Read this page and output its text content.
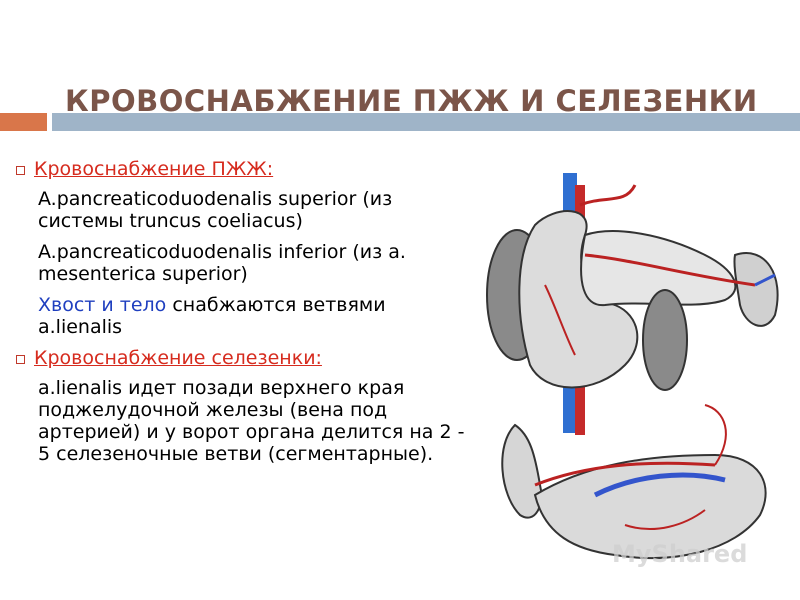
КРОВОСНАБЖЕНИЕ ПЖЖ И СЕЛЕЗЕНКИ
Кровоснабжение ПЖЖ:
A.pancreaticoduodenalis superior (из системы truncus coeliacus)
A.pancreaticoduodenalis inferior (из a. mesenterica superior)
Хвост и тело снабжаются ветвями a.lienalis
Кровоснабжение селезенки:
a.lienalis идет позади верхнего края поджелудочной железы (вена под артерией) и у ворот органа делится на 2 - 5 селезеночные ветви (сегментарные).
MyShared
